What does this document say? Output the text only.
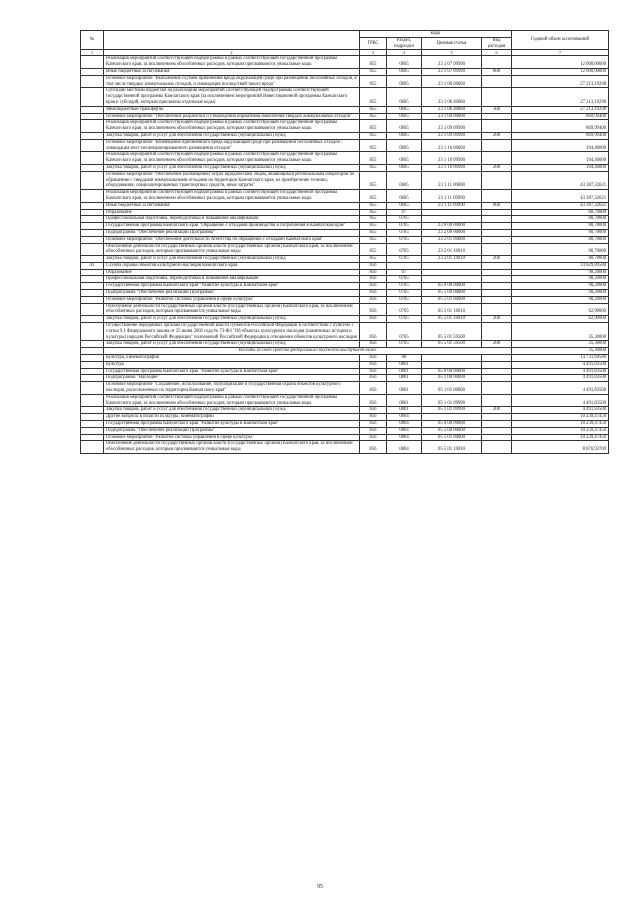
№		коды				Годовой объем ассигнований
		ГРБС	Раздел, подраздел	Целевая статья	Вид расходов	
1	2	3	4	5	6	7
	Реализация мероприятий соответствующей подпрограммы в рамках соответствующей государственной программы Камчатского края, за исключением обособленных расходов, которым присваиваются уникальные коды	855	0605	23 1 07 09990		12 000,00000
	Иные бюджетные ассигнования	855	0605	23 1 07 09990	800	12 000,00000
	Основное мероприятие "Выполнение случаев причинения вреда окружающей среде при размещении бесхозяйных отходов, в том числе твердых коммунальных отходов, и ликвидация последствий такого вреда"	855	0605	23 1 06 00000		27 213,19298
	Субсидии местным бюджетам на реализацию мероприятий соответствующей подпрограммы соответствующей государственной программы Камчатского края (за исключением мероприятий Инвестиционной программы Камчатского края и субсидий, которым присвоены отдельные коды)	855	0605	23 1 06 40060		27 213,19298
	Межбюджетные трансферты	855	0605	23 1 06 40060	500	27 213,19298
	Основное мероприятие "Обеспечение разработки и утверждения нормативов накопления твердых коммунальных отходов"	855	0605	23 1 09 00000		869,99400
	Реализация мероприятий соответствующей подпрограммы в рамках соответствующей государственной программы Камчатского края, за исключением обособленных расходов, которым присваиваются уникальные коды	855	0605	23 1 09 09990		869,99400
	Закупка товаров, работ и услуг для обеспечения государственных (муниципальных) нужд	855	0605	23 1 09 09990	200	869,99400
	Основное мероприятие "Возмещение причиненного вреда окружающей среде при размещении бесхозяйных отходов - ликвидация мест несанкционированного размещения отходов"	855	0605	23 1 10 00000		194,40000
	Реализация мероприятий соответствующей подпрограммы в рамках соответствующей государственной программы Камчатского края, за исключением обособленных расходов, которым присваиваются уникальные коды	855	0605	23 1 10 09990		194,40000
	Закупка товаров, работ и услуг для обеспечения государственных (муниципальных) нужд	855	0605	23 1 10 09990	200	194,40000
	Основное мероприятие "Обеспечение (возмещение) затрат юридическим лицам, являющимся региональным оператором по обращению с твердыми коммунальными отходами на территории Камчатского края, на приобретение техники, оборудования, специализированных транспортных средств, иные затраты"	855	0605	23 1 11 00000		43 387,32621
	Реализация мероприятий соответствующей подпрограммы в рамках соответствующей государственной программы Камчатского края, за исключением обособленных расходов, которым присваиваются уникальные коды	855	0605	23 1 11 09990		43 387,32621
	Иные бюджетные ассигнования	855	0605	23 1 11 09990	800	43 387,32621
	Образование	855	07			80,70000
	Профессиональная подготовка, переподготовка и повышение квалификации	855	0705			80,70000
	Государственная программа Камчатского края "Обращение с отходами производства и потребления в Камчатском крае"	855	0705	23 0 00 00000		80,70000
	Подпрограмма "Обеспечение реализации Программы"	855	0705	23 2 00 00000		80,70000
	Основное мероприятие "Обеспечение деятельности Агентства по обращению с отходами Камчатского края"	855	0705	23 2 01 00000		80,70000
	Обеспечение деятельности государственных органов власти (государственных органов) Камчатского края, за исключением обособленных расходов, которым присваиваются уникальные коды	855	0705	23 2 01 10010		80,70000
	Закупка товаров, работ и услуг для обеспечения государственных (муниципальных) нужд	855	0705	23 2 01 10010	200	80,70000
41	Служба охраны объектов культурного наследия Камчатского края	856				14 829,89580
	Образование	856	07			98,20000
	Профессиональная подготовка, переподготовка и повышение квалификации	856	0705			98,20000
	Государственная программа Камчатского края "Развитие культуры в Камчатском крае"	856	0705	05 0 00 00000		98,20000
	Подпрограмма "Обеспечение реализации Программы"	856	0705	05 5 00 00000		98,20000
	Основное мероприятие "Развитие системы управления в сфере культуры"	856	0705	05 5 01 00000		98,20000
	Обеспечение деятельности государственных органов власти (государственных органов) Камчатского края, за исключением обособленных расходов, которым присваиваются уникальные коды	856	0705	05 5 01 10010		62,90000
	Закупка товаров, работ и услуг для обеспечения государственных (муниципальных) нужд	856	0705	05 5 01 10010	200	62,90000
	Осуществление переданных органам государственной власти субъектов Российской Федерации в соответствии с пунктом 1 статьи 9.1 Федерального закона от 25 июня 2002 года № 73-ФЗ "Об объектах культурного наследия (памятниках истории и культуры) народов Российской Федерации" полномочий Российской Федерации в отношении объектов культурного наследия	856	0705	05 5 01 59500		35,30000
	Закупка товаров, работ и услуг для обеспечения государственных (муниципальных) нужд	856	0705	05 5 01 59500	200	35,30000
	Расходы за счет средств федерального бюджета выступают ниже					35,30000
	Культура, кинематография	856	08			14 731,69580
	Культура	856	0801			4 491,83500
	Государственная программа Камчатского края "Развитие культуры в Камчатском крае"	856	0801	05 0 00 00000		4 491,83500
	Подпрограмма "Наследие"	856	0801	05 1 00 00000		4 491,83500
	Основное мероприятие "Сохранение, использование, популяризация и государственная охрана объектов культурного наследия, расположенных на территории Камчатского края"	856	0801	05 1 01 00000		4 491,83500
	Реализация мероприятий соответствующей подпрограммы в рамках соответствующей государственной программы Камчатского края, за исключением обособленных расходов, которым присваиваются уникальные коды	856	0801	05 1 01 09990		4 491,83500
	Закупка товаров, работ и услуг для обеспечения государственных (муниципальных) нужд	856	0801	05 1 01 09990	200	4 491,83500
	Другие вопросы в области культуры, кинематографии	856	0804			10 239,47450
	Государственная программа Камчатского края "Развитие культуры в Камчатском крае"	856	0804	05 0 00 00000		10 239,47450
	Подпрограмма "Обеспечение реализации Программы"	856	0804	05 5 00 00000		10 239,47450
	Основное мероприятие "Развитие системы управления в сфере культуры"	856	0804	05 5 01 00000		10 239,47450
	Обеспечение деятельности государственных органов власти (государственных органов) Камчатского края, за исключением обособленных расходов, которым присваиваются уникальные коды	856	0804	05 5 01 10010		8 876,93769
95
